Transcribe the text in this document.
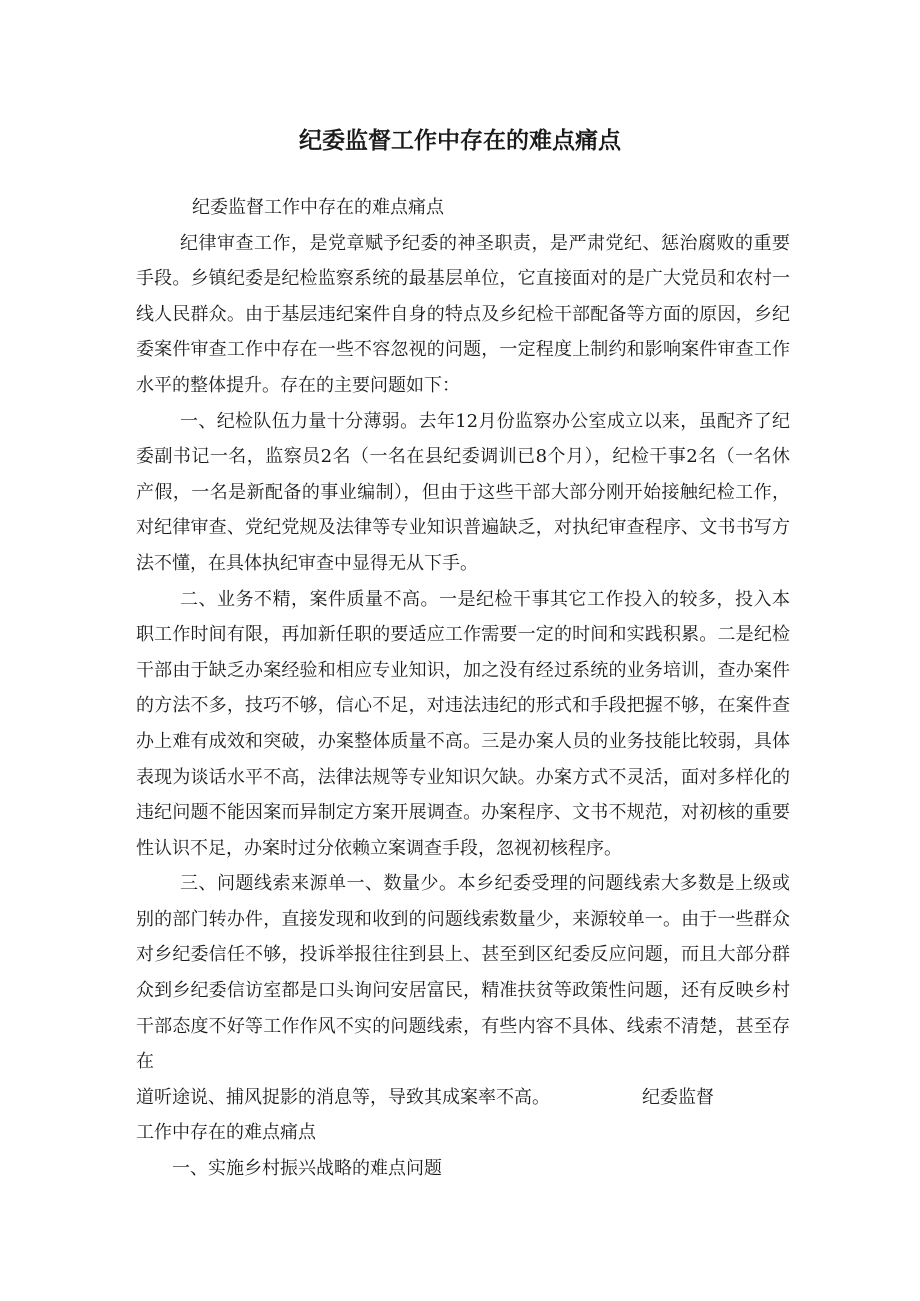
纪委监督工作中存在的难点痛点

纪委监督工作中存在的难点痛点

纪律审查工作，是党章赋予纪委的神圣职责，是严肃党纪、惩治腐败的重要手段。乡镇纪委是纪检监察系统的最基层单位，它直接面对的是广大党员和农村一线人民群众。由于基层违纪案件自身的特点及乡纪检干部配备等方面的原因，乡纪委案件审查工作中存在一些不容忽视的问题，一定程度上制约和影响案件审查工作水平的整体提升。存在的主要问题如下：

一、纪检队伍力量十分薄弱。去年12月份监察办公室成立以来，虽配齐了纪委副书记一名，监察员2名（一名在县纪委调训已8个月），纪检干事2名（一名休产假，一名是新配备的事业编制），但由于这些干部大部分刚开始接触纪检工作，对纪律审查、党纪党规及法律等专业知识普遍缺乏，对执纪审查程序、文书书写方法不懂，在具体执纪审查中显得无从下手。

二、业务不精，案件质量不高。一是纪检干事其它工作投入的较多，投入本职工作时间有限，再加新任职的要适应工作需要一定的时间和实践积累。二是纪检干部由于缺乏办案经验和相应专业知识，加之没有经过系统的业务培训，查办案件的方法不多，技巧不够，信心不足，对违法违纪的形式和手段把握不够，在案件查办上难有成效和突破，办案整体质量不高。三是办案人员的业务技能比较弱，具体表现为谈话水平不高，法律法规等专业知识欠缺。办案方式不灵活，面对多样化的违纪问题不能因案而异制定方案开展调查。办案程序、文书不规范，对初核的重要性认识不足，办案时过分依赖立案调查手段，忽视初核程序。

三、问题线索来源单一、数量少。本乡纪委受理的问题线索大多数是上级或别的部门转办件，直接发现和收到的问题线索数量少，来源较单一。由于一些群众对乡纪委信任不够，投诉举报往往到县上、甚至到区纪委反应问题，而且大部分群众到乡纪委信访室都是口头询问安居富民，精准扶贫等政策性问题，还有反映乡村干部态度不好等工作作风不实的问题线索，有些内容不具体、线索不清楚，甚至存在

道听途说、捕风捉影的消息等，导致其成案率不高。	纪委监督

工作中存在的难点痛点

一、实施乡村振兴战略的难点问题
